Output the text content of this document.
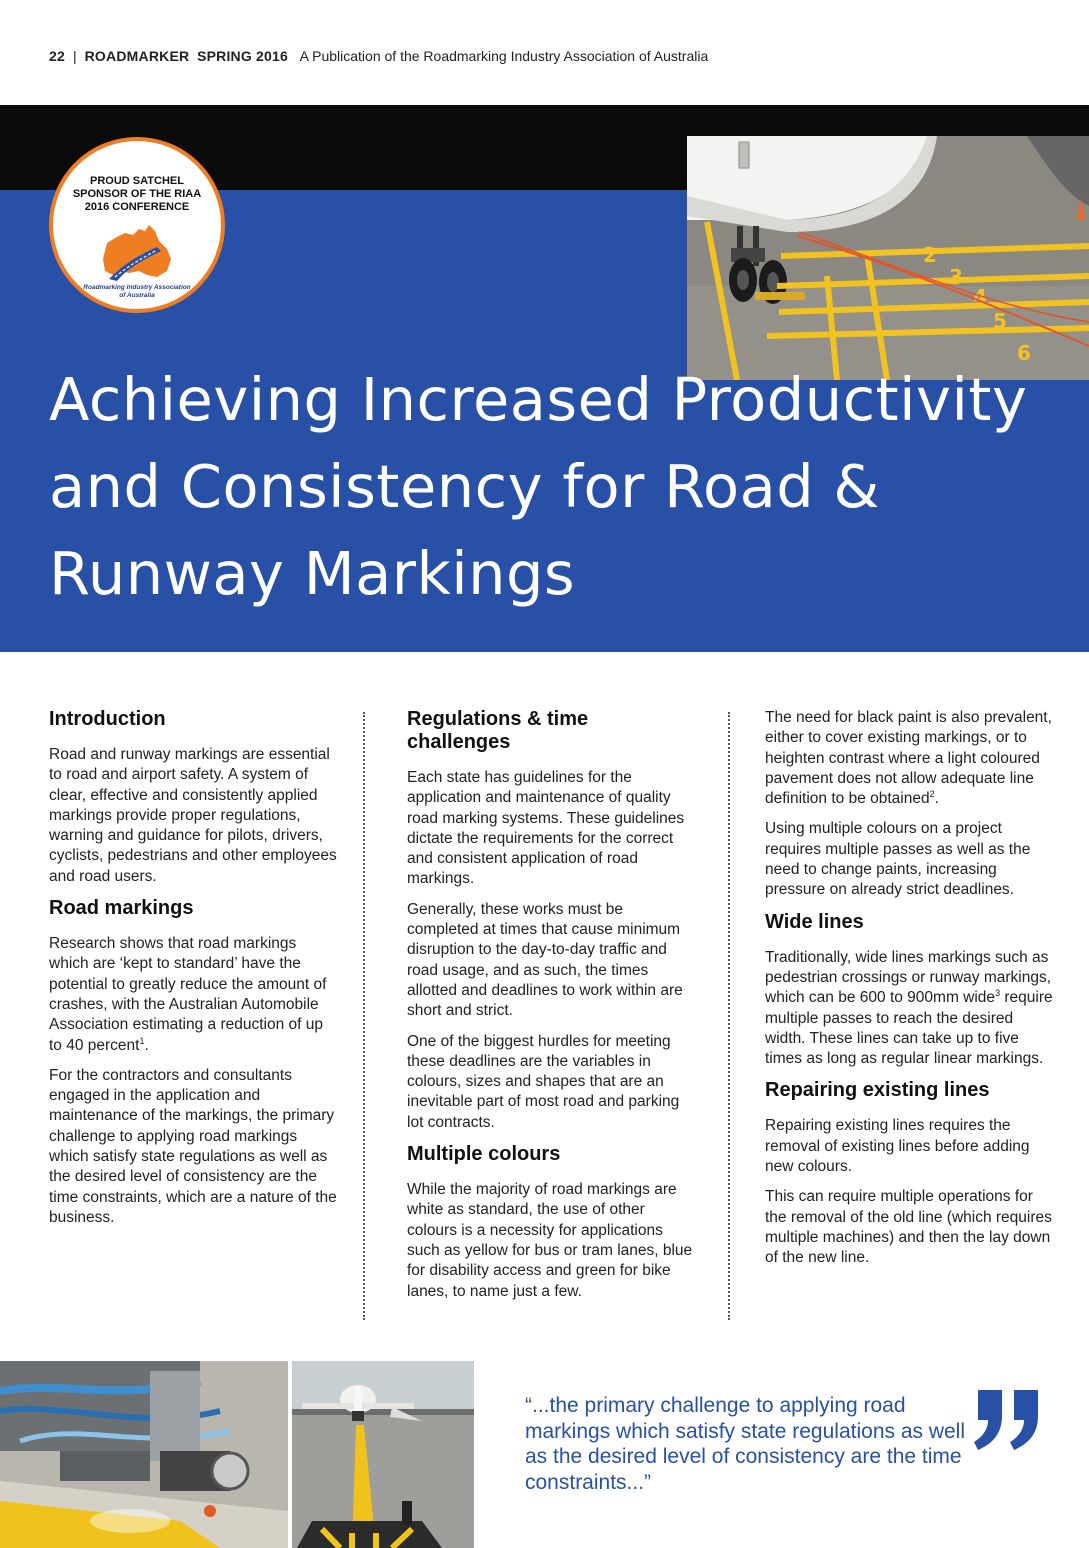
22 | ROADMARKER SPRING 2016 A Publication of the Roadmarking Industry Association of Australia
PROUD SATCHEL SPONSOR OF THE RIAA 2016 CONFERENCE
Roadmarking Industry Association of Australia
2
3
4
5
6
Achieving Increased Productivity and Consistency for Road & Runway Markings
Introduction

Road and runway markings are essential to road and airport safety. A system of clear, effective and consistently applied markings provide proper regulations, warning and guidance for pilots, drivers, cyclists, pedestrians and other employees and road users.

Road markings

Research shows that road markings which are ‘kept to standard’ have the potential to greatly reduce the amount of crashes, with the Australian Automobile Association estimating a reduction of up to 40 percent$^1$.

For the contractors and consultants engaged in the application and maintenance of the markings, the primary challenge to applying road markings which satisfy state regulations as well as the desired level of consistency are the time constraints, which are a nature of the business.

Regulations & time challenges

Each state has guidelines for the application and maintenance of quality road marking systems. These guidelines dictate the requirements for the correct and consistent application of road markings.

Generally, these works must be completed at times that cause minimum disruption to the day-to-day traffic and road usage, and as such, the times allotted and deadlines to work within are short and strict.

One of the biggest hurdles for meeting these deadlines are the variables in colours, sizes and shapes that are an inevitable part of most road and parking lot contracts.

Multiple colours

While the majority of road markings are white as standard, the use of other colours is a necessity for applications such as yellow for bus or tram lanes, blue for disability access and green for bike lanes, to name just a few.

The need for black paint is also prevalent, either to cover existing markings, or to heighten contrast where a light coloured pavement does not allow adequate line definition to be obtained$^2$.

Using multiple colours on a project requires multiple passes as well as the need to change paints, increasing pressure on already strict deadlines.

Wide lines

Traditionally, wide lines markings such as pedestrian crossings or runway markings, which can be 600 to 900mm wide$^3$ require multiple passes to reach the desired width. These lines can take up to five times as long as regular linear markings.

Repairing existing lines

Repairing existing lines requires the removal of existing lines before adding new colours.

This can require multiple operations for the removal of the old line (which requires multiple machines) and then the lay down of the new line.

“...the primary challenge to applying road markings which satisfy state regulations as well as the desired level of consistency are the time constraints...”
